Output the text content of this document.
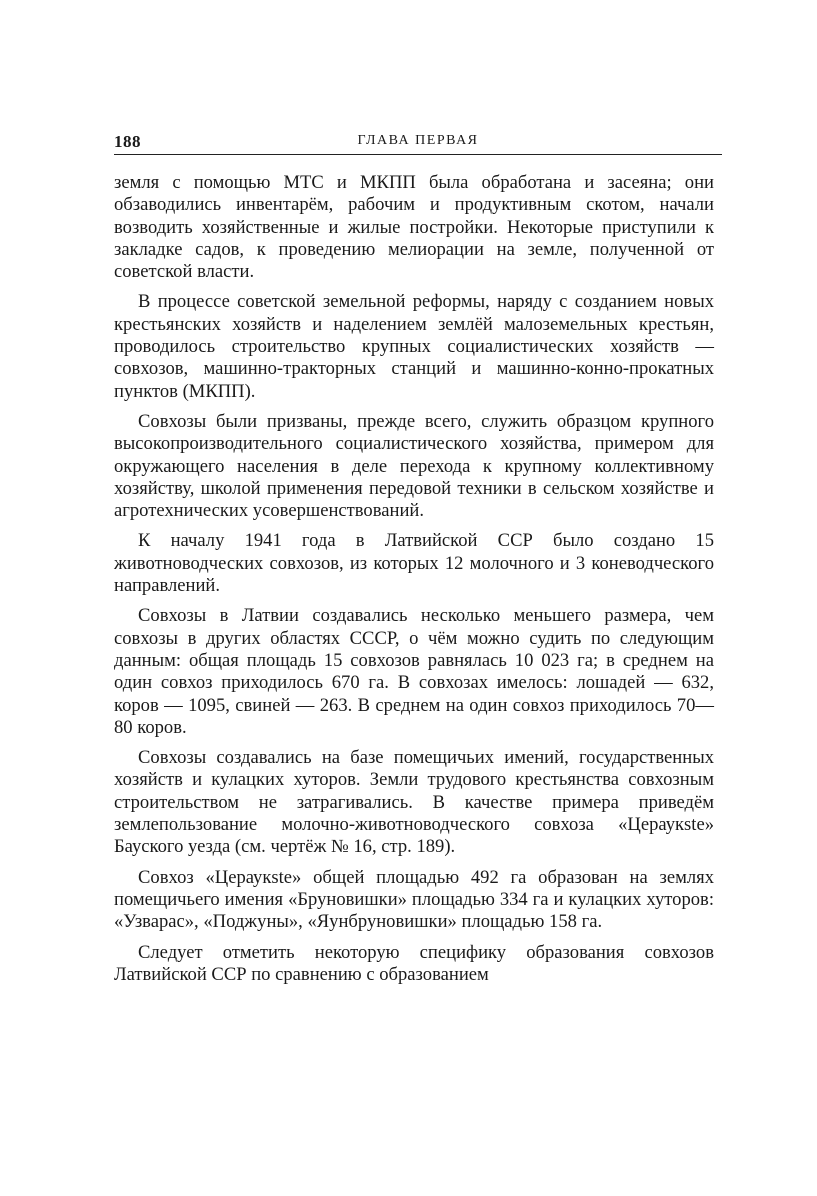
188	ГЛАВА ПЕРВАЯ

земля с помощью МТС и МКПП была обработана и засеяна; они обзаводились инвентарём, рабочим и продуктивным скотом, начали возводить хозяйственные и жилые постройки. Некоторые приступили к закладке садов, к проведению мелиорации на земле, полученной от советской власти.

В процессе советской земельной реформы, наряду с созданием новых крестьянских хозяйств и наделением землёй малоземельных крестьян, проводилось строительство крупных социалистических хозяйств — совхозов, машинно-тракторных станций и машинно-конно-прокатных пунктов (МКПП).

Совхозы были призваны, прежде всего, служить образцом крупного высокопроизводительного социалистического хозяйства, примером для окружающего населения в деле перехода к крупному коллективному хозяйству, школой применения передовой техники в сельском хозяйстве и агротехнических усовершенствований.

К началу 1941 года в Латвийской ССР было создано 15 животноводческих совхозов, из которых 12 молочного и 3 коневодческого направлений.

Совхозы в Латвии создавались несколько меньшего размера, чем совхозы в других областях СССР, о чём можно судить по следующим данным: общая площадь 15 совхозов равнялась 10 023 га; в среднем на один совхоз приходилось 670 га. В совхозах имелось: лошадей — 632, коров — 1095, свиней — 263. В среднем на один совхоз приходилось 70—80 коров.

Совхозы создавались на базе помещичьих имений, государственных хозяйств и кулацких хуторов. Земли трудового крестьянства совхозным строительством не затрагивались. В качестве примера приведём землепользование молочно-животноводческого совхоза «Цераукste» Бауского уезда (см. чертёж № 16, стр. 189).

Совхоз «Цераукste» общей площадью 492 га образован на землях помещичьего имения «Бруновишки» площадью 334 га и кулацких хуторов: «Узварас», «Поджуны», «Яунбруновишки» площадью 158 га.

Следует отметить некоторую специфику образования совхозов Латвийской ССР по сравнению с образованием
